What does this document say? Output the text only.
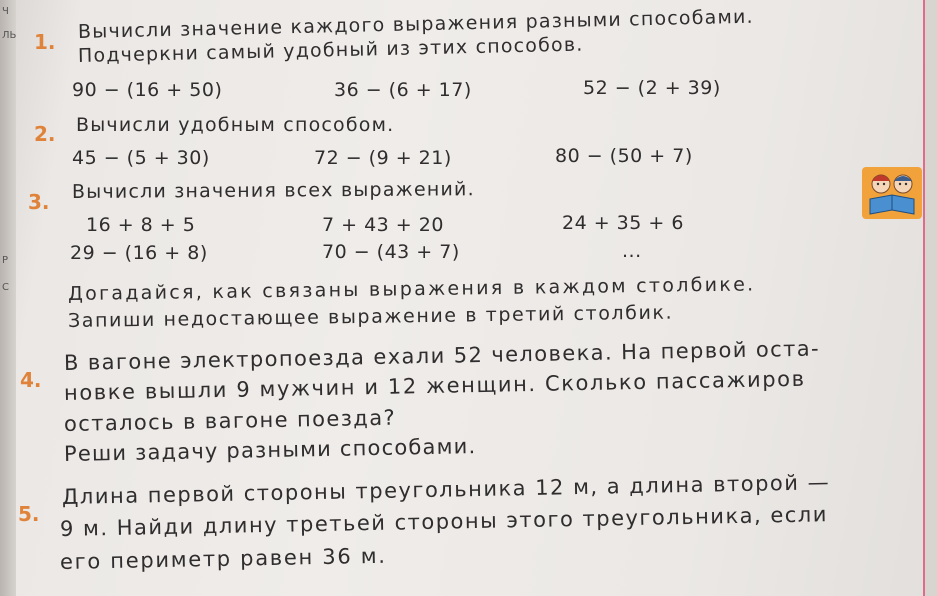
Ч
ЛЬ
Р
С
1. Вычисли значение каждого выражения разными способами.
Подчеркни самый удобный из этих способов.
90 − (16 + 50)	36 − (6 + 17)	52 − (2 + 39)
2. Вычисли удобным способом.
45 − (5 + 30)	72 − (9 + 21)	80 − (50 + 7)
3. Вычисли значения всех выражений.
16 + 8 + 5	7 + 43 + 20	24 + 35 + 6
29 − (16 + 8)	70 − (43 + 7)	...
Догадайся, как связаны выражения в каждом столбике.
Запиши недостающее выражение в третий столбик.
4.
В вагоне электропоезда ехали 52 человека. На первой оста-
новке вышли 9 мужчин и 12 женщин. Сколько пассажиров
осталось в вагоне поезда?
Реши задачу разными способами.
5.
Длина первой стороны треугольника 12 м, а длина второй —
9 м. Найди длину третьей стороны этого треугольника, если
его периметр равен 36 м.
